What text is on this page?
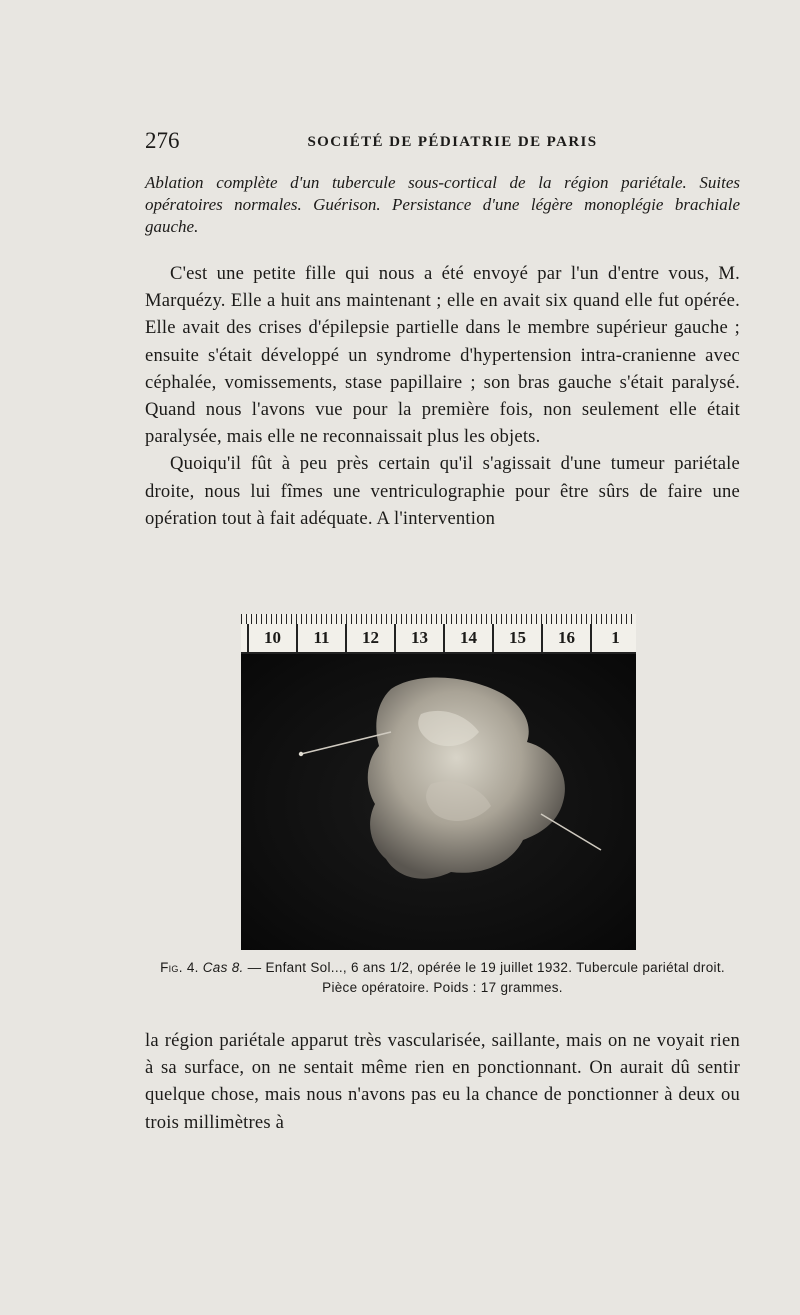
276	SOCIÉTÉ DE PÉDIATRIE DE PARIS
Ablation complète d'un tubercule sous-cortical de la région pariétale. Suites opératoires normales. Guérison. Persistance d'une légère monoplégie brachiale gauche.

C'est une petite fille qui nous a été envoyé par l'un d'entre vous, M. Marquézy. Elle a huit ans maintenant ; elle en avait six quand elle fut opérée. Elle avait des crises d'épilepsie partielle dans le membre supérieur gauche ; ensuite s'était développé un syndrome d'hypertension intra-cranienne avec céphalée, vomissements, stase papillaire ; son bras gauche s'était paralysé. Quand nous l'avons vue pour la première fois, non seulement elle était paralysée, mais elle ne reconnaissait plus les objets.

Quoiqu'il fût à peu près certain qu'il s'agissait d'une tumeur pariétale droite, nous lui fîmes une ventriculographie pour être sûrs de faire une opération tout à fait adéquate. A l'intervention

10	11	12	13	14	15	16	1
Fig. 4. Cas 8. — Enfant Sol..., 6 ans 1/2, opérée le 19 juillet 1932. Tubercule pariétal droit. Pièce opératoire. Poids : 17 grammes.

la région pariétale apparut très vascularisée, saillante, mais on ne voyait rien à sa surface, on ne sentait même rien en ponctionnant. On aurait dû sentir quelque chose, mais nous n'avons pas eu la chance de ponctionner à deux ou trois millimètres à
